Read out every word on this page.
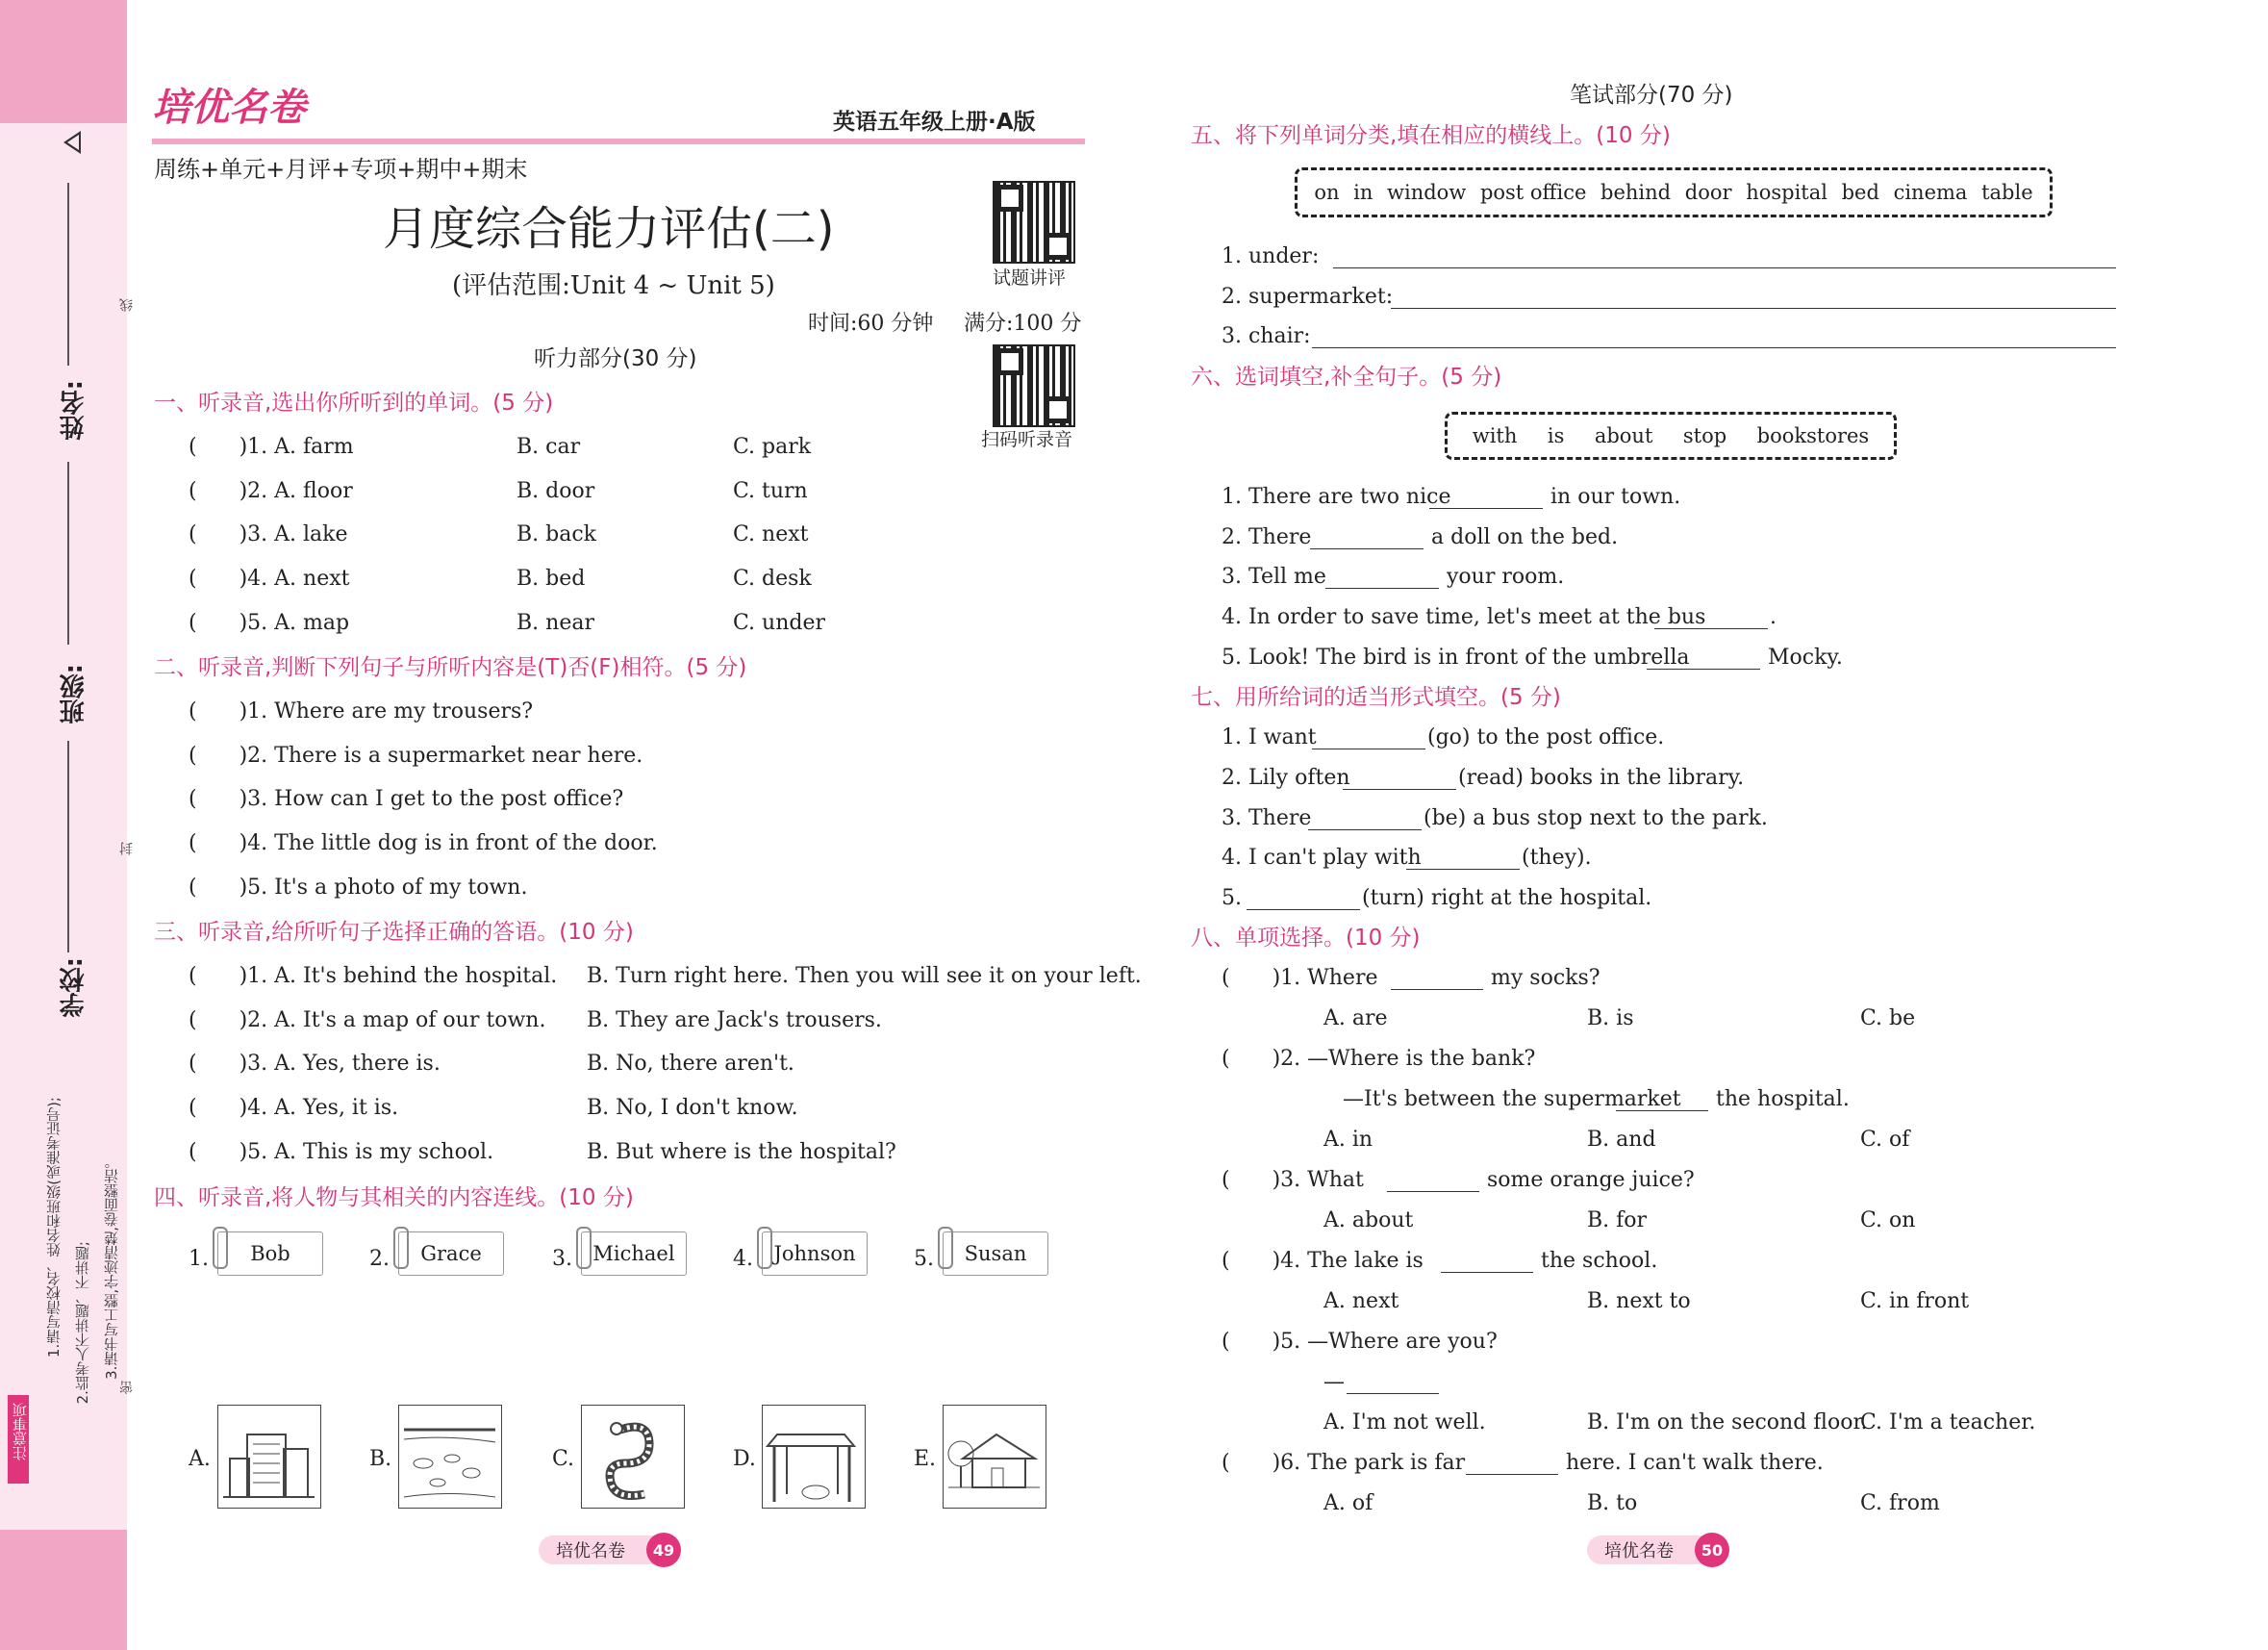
姓名:
班级:
学校:
线
封
密
注意事项
1.请写清校名、姓名和班级(或准考证号); 2.监考人不讲题、不讲题; 3.请书写工整,字迹清楚,卷面整洁。
培优名卷	英语五年级上册·A版
周练+单元+月评+专项+期中+期末
月度综合能力评估(二)
(评估范围:Unit 4 ~ Unit 5)	试题讲评
时间:60 分钟 满分:100 分
扫码听录音
听力部分(30 分)
一、听录音,选出你所听到的单词。(5 分)
(　　)1. A. farm	B. car	C. park
(　　)2. A. floor	B. door	C. turn
(　　)3. A. lake	B. back	C. next
(　　)4. A. next	B. bed	C. desk
(　　)5. A. map	B. near	C. under
二、听录音,判断下列句子与所听内容是(T)否(F)相符。(5 分)
(　　)1. Where are my trousers?
(　　)2. There is a supermarket near here.
(　　)3. How can I get to the post office?
(　　)4. The little dog is in front of the door.
(　　)5. It's a photo of my town.
三、听录音,给所听句子选择正确的答语。(10 分)
(　　)1. A. It's behind the hospital. B. Turn right here. Then you will see it on your left.
(　　)2. A. It's a map of our town. B. They are Jack's trousers.
(　　)3. A. Yes, there is.	B. No, there aren't.
(　　)4. A. Yes, it is.	B. No, I don't know.
(　　)5. A. This is my school.	B. But where is the hospital?
四、听录音,将人物与其相关的内容连线。(10 分)
1. Bob	2. Grace	3. Michael	4. Johnson	5. Susan
A.	B.	C.	D.	E.
培优名卷	49
笔试部分(70 分)
五、将下列单词分类,填在相应的横线上。(10 分)
on in window post office behind door hospital bed cinema table
1. under:
2. supermarket:
3. chair:
六、选词填空,补全句子。(5 分)
with is about stop bookstores
1. There are two nice	in our town.
2. There	a doll on the bed.
3. Tell me	your room.
4. In order to save time, let's meet at the bus	.
5. Look! The bird is in front of the umbrella	Mocky.
七、用所给词的适当形式填空。(5 分)
1. I want	(go) to the post office.
2. Lily often	(read) books in the library.
3. There	(be) a bus stop next to the park.
4. I can't play with	(they).
5.	(turn) right at the hospital.
八、单项选择。(10 分)
(　　)1. Where	my socks?
A. are	B. is	C. be
(　　)2. —Where is the bank?
—It's between the supermarket the hospital.
A. in	B. and	C. of
(　　)3. What	some orange juice?
A. about	B. for	C. on
(　　)4. The lake is	the school.
A. next	B. next to	C. in front
(　　)5. —Where are you?
—
A. I'm not well.	B. I'm on the second floor.
C. I'm a teacher.
(　　)6. The park is far	here. I can't walk there.
A. of	B. to	C. from
培优名卷	50
